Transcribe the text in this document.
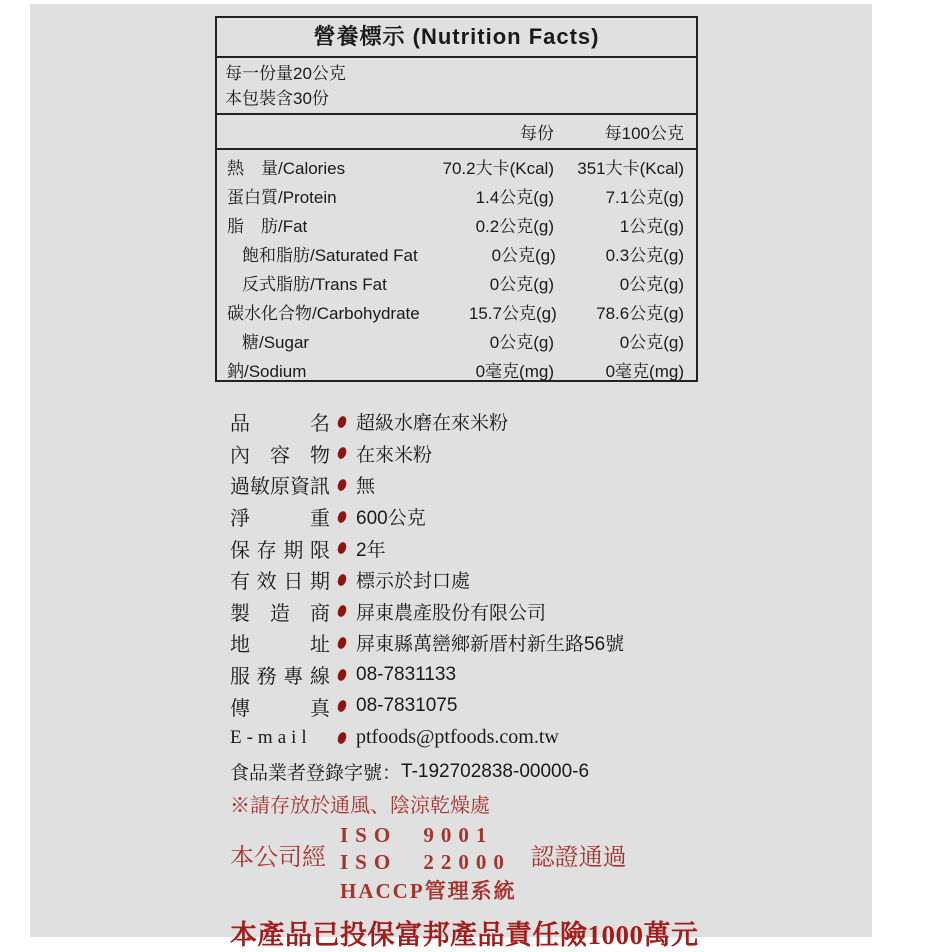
營養標示 (Nutrition Facts)
每一份量20公克
本包裝含30份
每份	每100公克
熱　量/Calories	70.2大卡(Kcal)	351大卡(Kcal)
蛋白質/Protein	1.4公克(g)	7.1公克(g)
脂　肪/Fat	0.2公克(g)	1公克(g)
飽和脂肪/Saturated Fat	0公克(g)	0.3公克(g)
反式脂肪/Trans Fat	0公克(g)	0公克(g)
碳水化合物/Carbohydrate	15.7公克(g)	78.6公克(g)
糖/Sugar	0公克(g)	0公克(g)
鈉/Sodium	0毫克(mg)	0毫克(mg)
品名 超級水磨在來米粉
內容物 在來米粉
過敏原資訊 無
淨重 600公克
保存期限 2年
有效日期 標示於封口處
製造商 屏東農產股份有限公司
地址 屏東縣萬巒鄉新厝村新生路56號
服務專線 08-7831133
傳真 08-7831075
E-mail	ptfoods@ptfoods.com.tw
食品業者登錄字號： T-192702838-00000-6
※請存放於通風、陰涼乾燥處
本公司經
ISO 9001
ISO 22000
HACCP管理系統
認證通過
本產品已投保富邦產品責任險1000萬元
